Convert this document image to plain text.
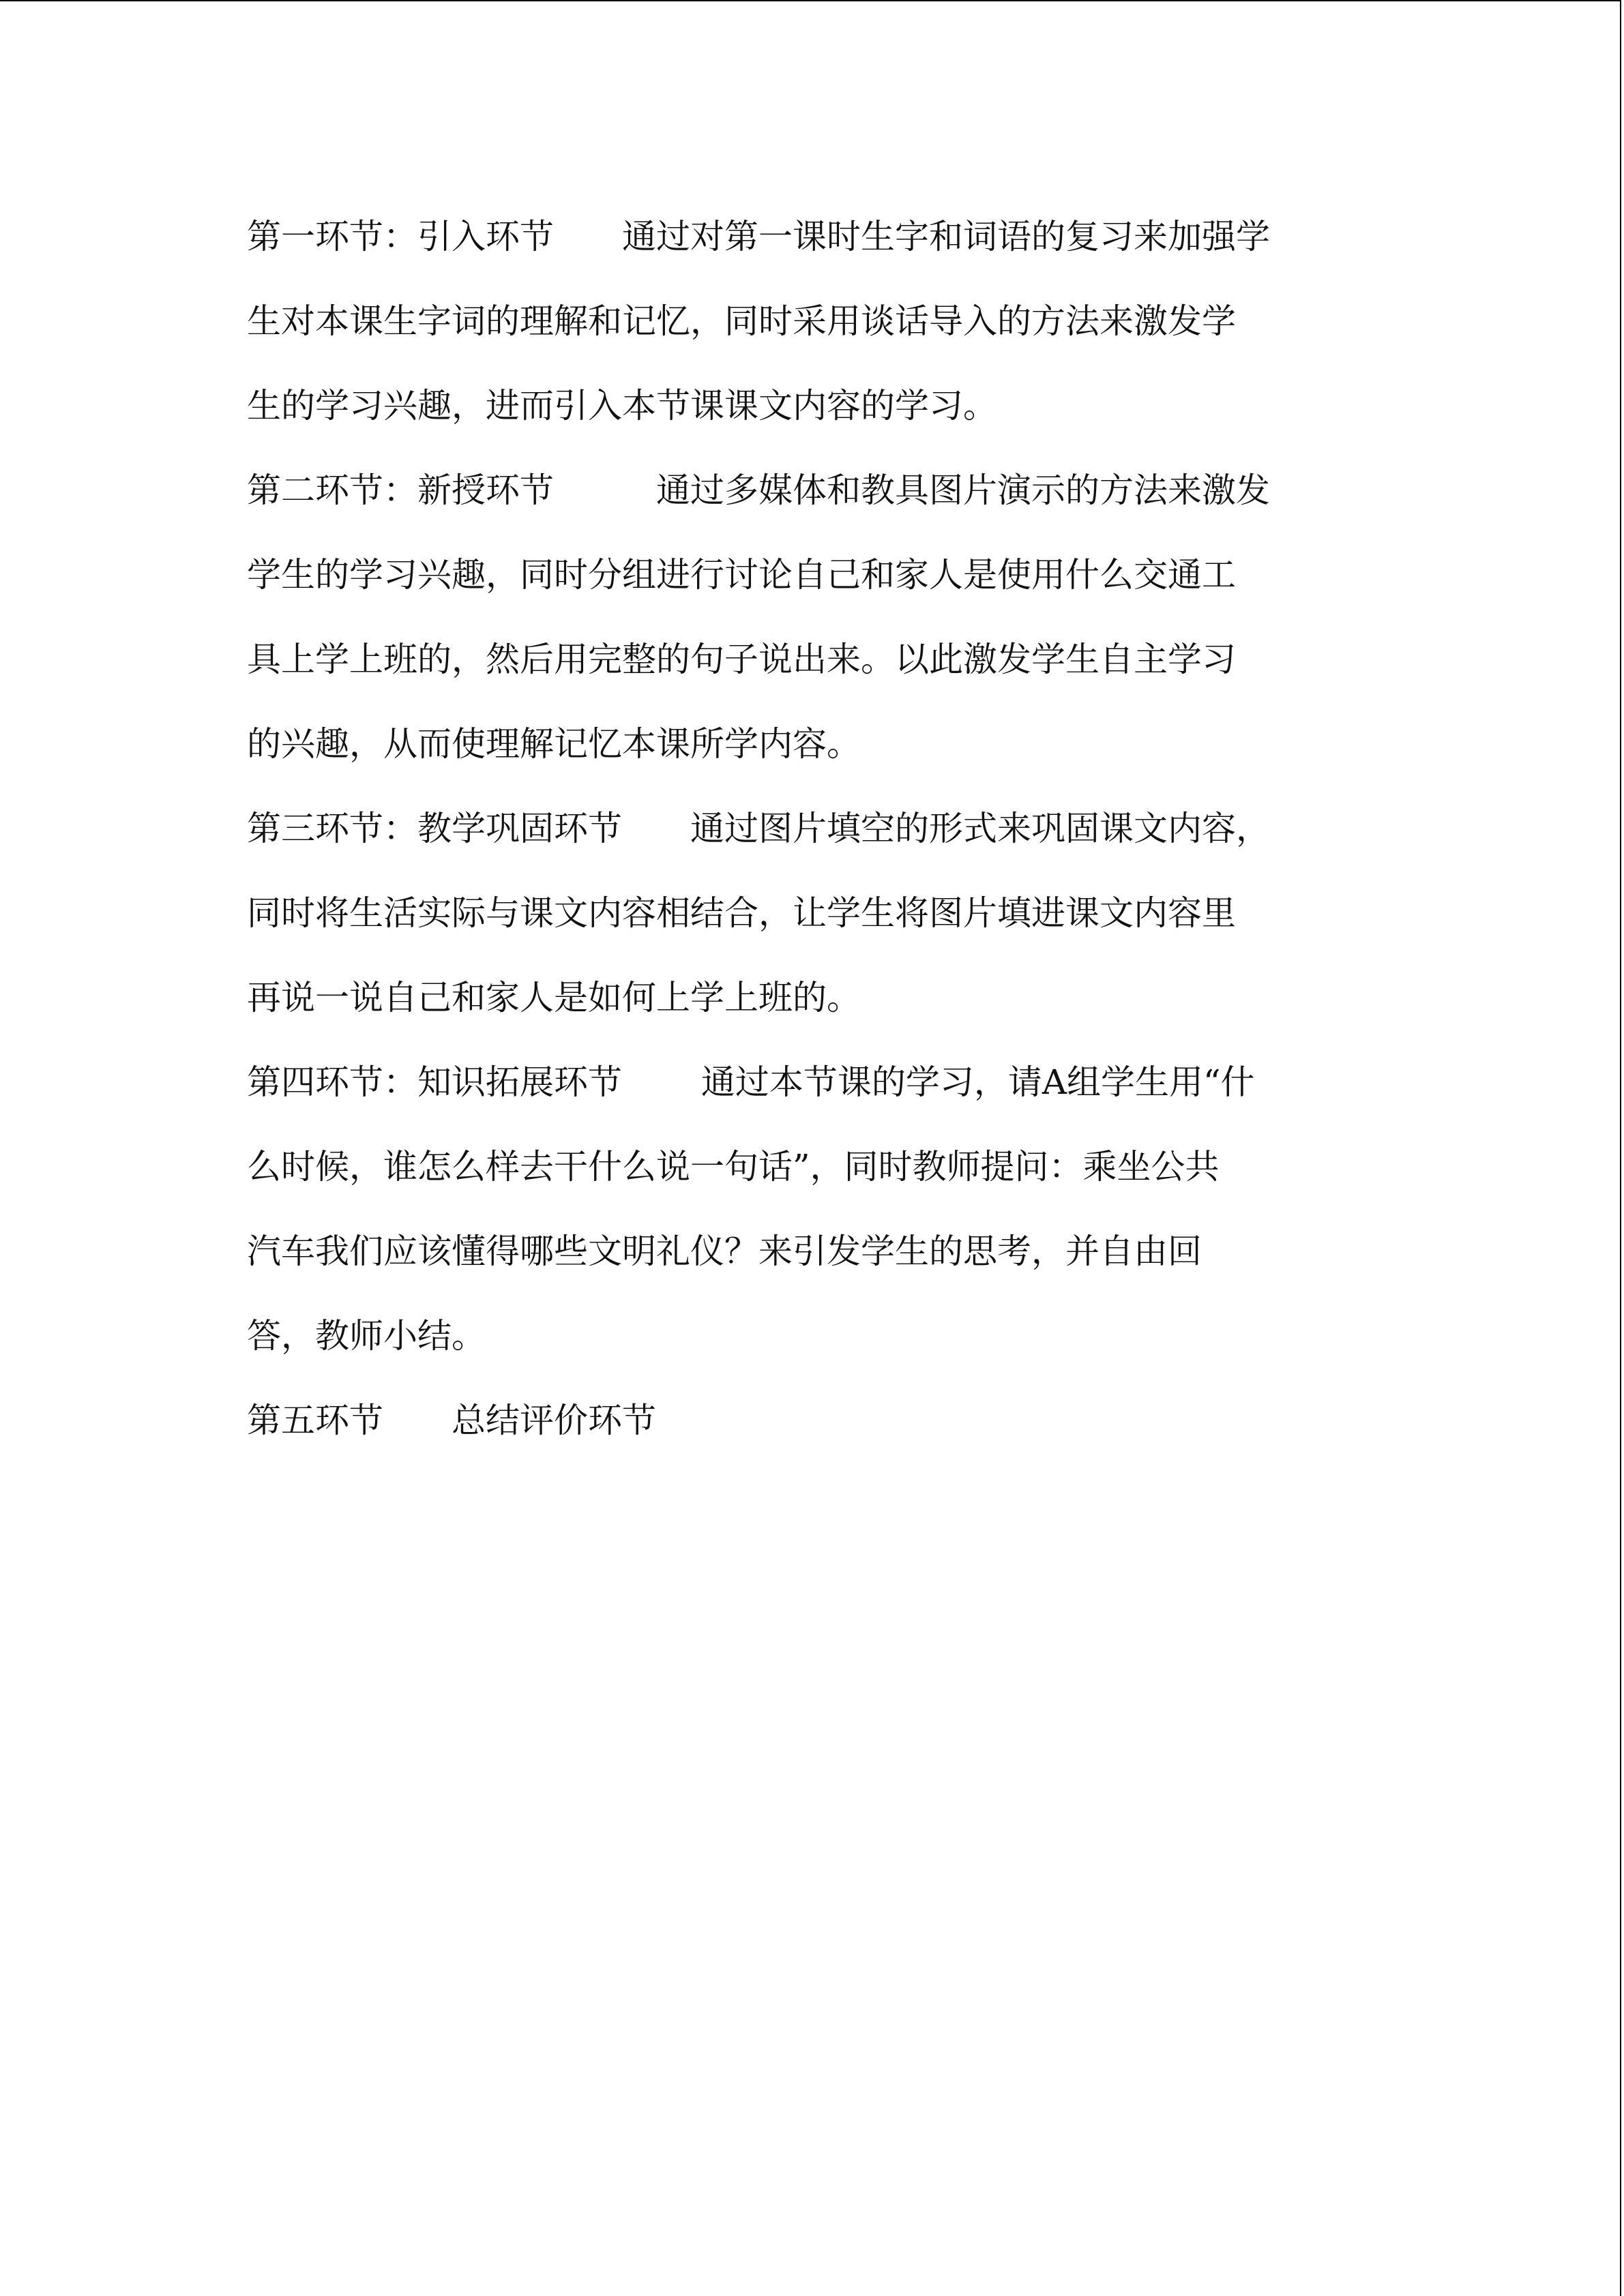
第一环节：引入环节　　通过对第一课时生字和词语的复习来加强学
生对本课生字词的理解和记忆，同时采用谈话导入的方法来激发学
生的学习兴趣，进而引入本节课课文内容的学习。
第二环节：新授环节　　　通过多媒体和教具图片演示的方法来激发
学生的学习兴趣，同时分组进行讨论自己和家人是使用什么交通工
具上学上班的，然后用完整的句子说出来。以此激发学生自主学习
的兴趣，从而使理解记忆本课所学内容。
第三环节：教学巩固环节　　通过图片填空的形式来巩固课文内容，
同时将生活实际与课文内容相结合，让学生将图片填进课文内容里
再说一说自己和家人是如何上学上班的。
第四环节：知识拓展环节　　 通过本节课的学习，请A组学生用“什
么时候，谁怎么样去干什么说一句话”，同时教师提问：乘坐公共
汽车我们应该懂得哪些文明礼仪？来引发学生的思考，并自由回
答，教师小结。
第五环节　　总结评价环节
